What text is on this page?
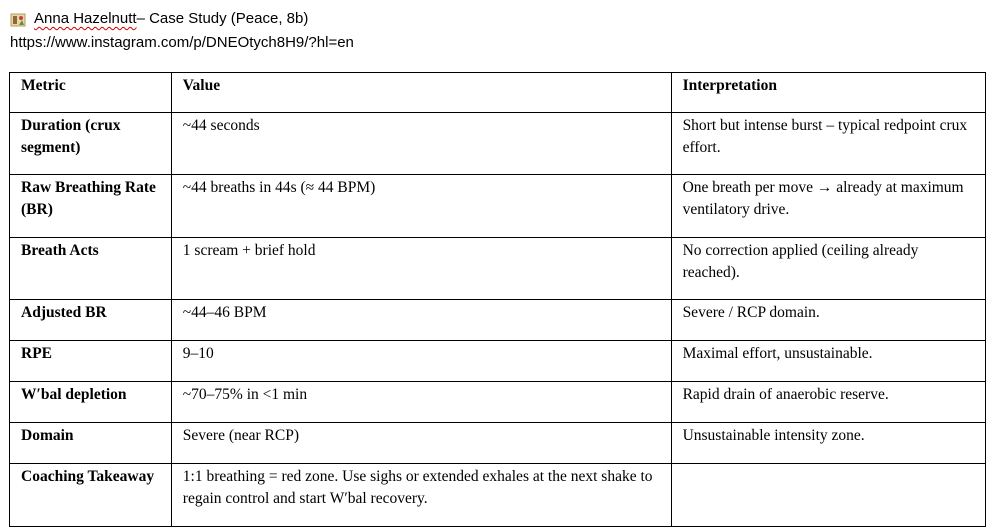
Anna Hazelnutt – Case Study (Peace, 8b)
https://www.instagram.com/p/DNEOtych8H9/?hl=en
Metric	Value	Interpretation
Duration (crux segment)	~44 seconds	Short but intense burst – typical redpoint crux effort.
Raw Breathing Rate (BR)	~44 breaths in 44s (≈ 44 BPM)	One breath per move → already at maximum ventilatory drive.
Breath Acts	1 scream + brief hold	No correction applied (ceiling already reached).
Adjusted BR	~44–46 BPM	Severe / RCP domain.
RPE	9–10	Maximal effort, unsustainable.
W′bal depletion	~70–75% in <1 min	Rapid drain of anaerobic reserve.
Domain	Severe (near RCP)	Unsustainable intensity zone.
Coaching Takeaway	1:1 breathing = red zone. Use sighs or extended exhales at the next shake to regain control and start W′bal recovery.	
